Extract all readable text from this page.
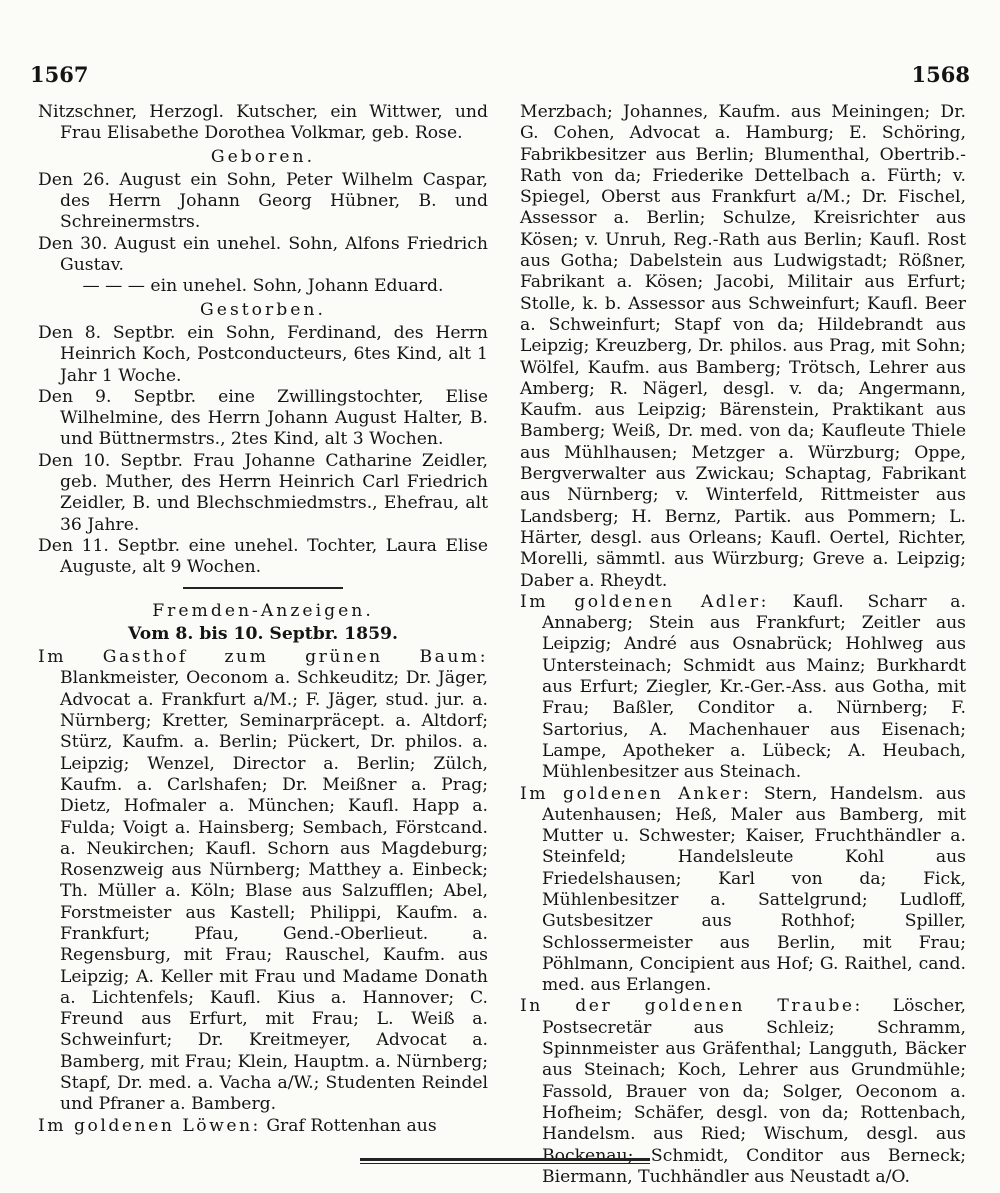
1567	1568

Nitzschner, Herzogl. Kutscher, ein Wittwer, und Frau Elisabethe Dorothea Volkmar, geb. Rose.

Geboren.

Den 26. August ein Sohn, Peter Wilhelm Caspar, des Herrn Johann Georg Hübner, B. und Schreinermstrs.

Den 30. August ein unehel. Sohn, Alfons Friedrich Gustav.

— — — ein unehel. Sohn, Johann Eduard.

Gestorben.

Den 8. Septbr. ein Sohn, Ferdinand, des Herrn Heinrich Koch, Postconducteurs, 6tes Kind, alt 1 Jahr 1 Woche.

Den 9. Septbr. eine Zwillingstochter, Elise Wilhelmine, des Herrn Johann August Halter, B. und Büttnermstrs., 2tes Kind, alt 3 Wochen.

Den 10. Septbr. Frau Johanne Catharine Zeidler, geb. Muther, des Herrn Heinrich Carl Friedrich Zeidler, B. und Blechschmiedmstrs., Ehefrau, alt 36 Jahre.

Den 11. Septbr. eine unehel. Tochter, Laura Elise Auguste, alt 9 Wochen.

Fremden-Anzeigen.
Vom 8. bis 10. Septbr. 1859.

Im Gasthof zum grünen Baum: Blankmeister, Oeconom a. Schkeuditz; Dr. Jäger, Advocat a. Frankfurt a/M.; F. Jäger, stud. jur. a. Nürnberg; Kretter, Seminarpräcept. a. Altdorf; Stürz, Kaufm. a. Berlin; Pückert, Dr. philos. a. Leipzig; Wenzel, Director a. Berlin; Zülch, Kaufm. a. Carlshafen; Dr. Meißner a. Prag; Dietz, Hofmaler a. München; Kaufl. Happ a. Fulda; Voigt a. Hainsberg; Sembach, Förstcand. a. Neukirchen; Kaufl. Schorn aus Magdeburg; Rosenzweig aus Nürnberg; Matthey a. Einbeck; Th. Müller a. Köln; Blase aus Salzufflen; Abel, Forstmeister aus Kastell; Philippi, Kaufm. a. Frankfurt; Pfau, Gend.-Oberlieut. a. Regensburg, mit Frau; Rauschel, Kaufm. aus Leipzig; A. Keller mit Frau und Madame Donath a. Lichtenfels; Kaufl. Kius a. Hannover; C. Freund aus Erfurt, mit Frau; L. Weiß a. Schweinfurt; Dr. Kreitmeyer, Advocat a. Bamberg, mit Frau; Klein, Hauptm. a. Nürnberg; Stapf, Dr. med. a. Vacha a/W.; Studenten Reindel und Pfraner a. Bamberg.

Im goldenen Löwen: Graf Rottenhan aus

Merzbach; Johannes, Kaufm. aus Meiningen; Dr. G. Cohen, Advocat a. Hamburg; E. Schöring, Fabrikbesitzer aus Berlin; Blumenthal, Obertrib.-Rath von da; Friederike Dettelbach a. Fürth; v. Spiegel, Oberst aus Frankfurt a/M.; Dr. Fischel, Assessor a. Berlin; Schulze, Kreisrichter aus Kösen; v. Unruh, Reg.-Rath aus Berlin; Kaufl. Rost aus Gotha; Dabelstein aus Ludwigstadt; Rößner, Fabrikant a. Kösen; Jacobi, Militair aus Erfurt; Stolle, k. b. Assessor aus Schweinfurt; Kaufl. Beer a. Schweinfurt; Stapf von da; Hildebrandt aus Leipzig; Kreuzberg, Dr. philos. aus Prag, mit Sohn; Wölfel, Kaufm. aus Bamberg; Trötsch, Lehrer aus Amberg; R. Nägerl, desgl. v. da; Angermann, Kaufm. aus Leipzig; Bärenstein, Praktikant aus Bamberg; Weiß, Dr. med. von da; Kaufleute Thiele aus Mühlhausen; Metzger a. Würzburg; Oppe, Bergverwalter aus Zwickau; Schaptag, Fabrikant aus Nürnberg; v. Winterfeld, Rittmeister aus Landsberg; H. Bernz, Partik. aus Pommern; L. Härter, desgl. aus Orleans; Kaufl. Oertel, Richter, Morelli, sämmtl. aus Würzburg; Greve a. Leipzig; Daber a. Rheydt.

Im goldenen Adler: Kaufl. Scharr a. Annaberg; Stein aus Frankfurt; Zeitler aus Leipzig; André aus Osnabrück; Hohlweg aus Untersteinach; Schmidt aus Mainz; Burkhardt aus Erfurt; Ziegler, Kr.-Ger.-Ass. aus Gotha, mit Frau; Baßler, Conditor a. Nürnberg; F. Sartorius, A. Machenhauer aus Eisenach; Lampe, Apotheker a. Lübeck; A. Heubach, Mühlenbesitzer aus Steinach.

Im goldenen Anker: Stern, Handelsm. aus Autenhausen; Heß, Maler aus Bamberg, mit Mutter u. Schwester; Kaiser, Fruchthändler a. Steinfeld; Handelsleute Kohl aus Friedelshausen; Karl von da; Fick, Mühlenbesitzer a. Sattelgrund; Ludloff, Gutsbesitzer aus Rothhof; Spiller, Schlossermeister aus Berlin, mit Frau; Pöhlmann, Concipient aus Hof; G. Raithel, cand. med. aus Erlangen.

In der goldenen Traube: Löscher, Postsecretär aus Schleiz; Schramm, Spinnmeister aus Gräfenthal; Langguth, Bäcker aus Steinach; Koch, Lehrer aus Grundmühle; Fassold, Brauer von da; Solger, Oeconom a. Hofheim; Schäfer, desgl. von da; Rottenbach, Handelsm. aus Ried; Wischum, desgl. aus Bockenau; Schmidt, Conditor aus Berneck; Biermann, Tuchhändler aus Neustadt a/O.
